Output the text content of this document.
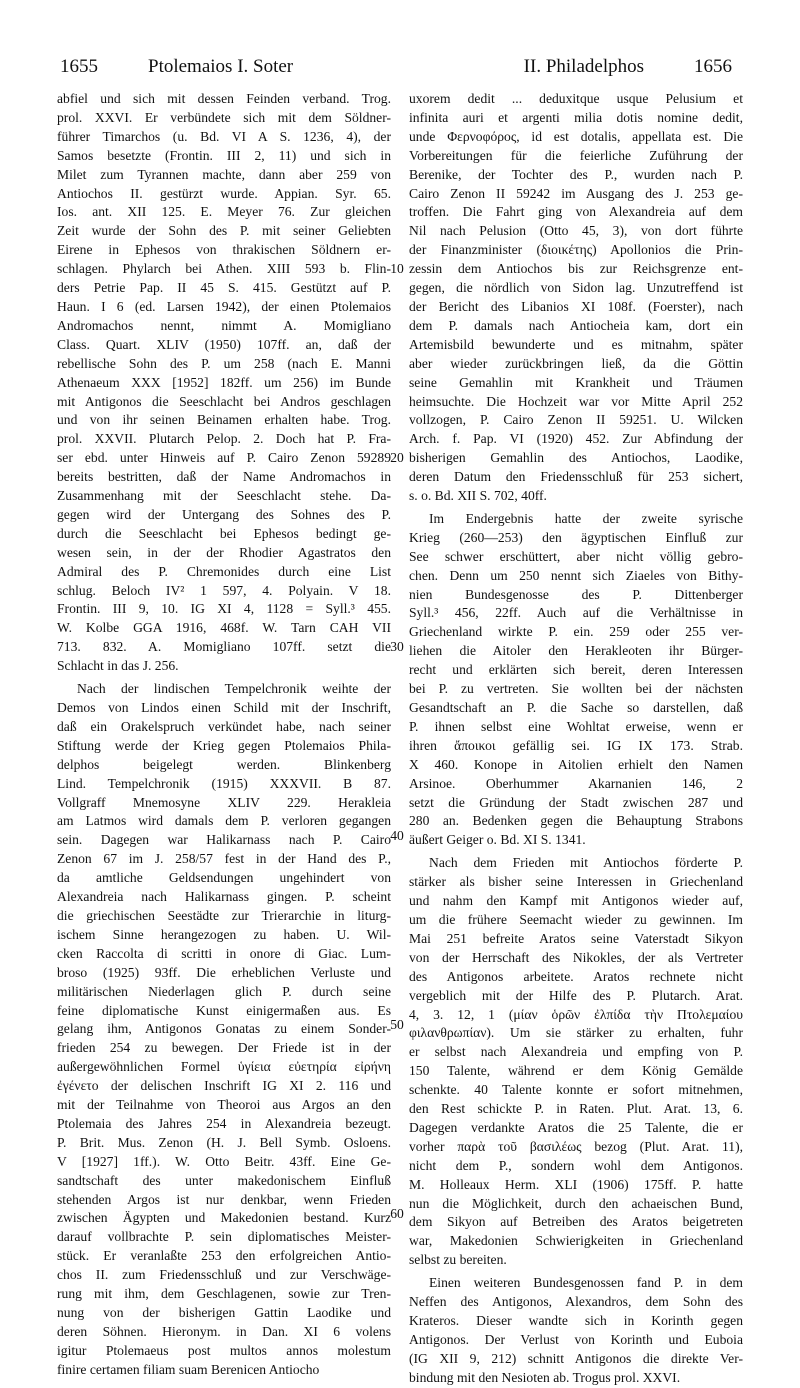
1655	Ptolemaios I. Soter	II. Philadelphos	1656
abfiel und sich mit dessen Feinden verband. Trog.
prol. XXVI. Er verbündete sich mit dem Söldner-
führer Timarchos (u. Bd. VI A S. 1236, 4), der
Samos besetzte (Frontin. III 2, 11) und sich in
Milet zum Tyrannen machte, dann aber 259 von
Antiochos II. gestürzt wurde. Appian. Syr. 65.
Ios. ant. XII 125. E. Meyer 76. Zur gleichen
Zeit wurde der Sohn des P. mit seiner Geliebten
Eirene in Ephesos von thrakischen Söldnern er-
schlagen. Phylarch bei Athen. XIII 593 b. Flin-
ders Petrie Pap. II 45 S. 415. Gestützt auf P.
Haun. I 6 (ed. Larsen 1942), der einen Ptolemaios
Andromachos nennt, nimmt A. Momigliano
Class. Quart. XLIV (1950) 107ff. an, daß der
rebellische Sohn des P. um 258 (nach E. Manni
Athenaeum XXX [1952] 182ff. um 256) im Bunde
mit Antigonos die Seeschlacht bei Andros geschlagen
und von ihr seinen Beinamen erhalten habe. Trog.
prol. XXVII. Plutarch Pelop. 2. Doch hat P. Fra-
ser ebd. unter Hinweis auf P. Cairo Zenon 59289
bereits bestritten, daß der Name Andromachos in
Zusammenhang mit der Seeschlacht stehe. Da-
gegen wird der Untergang des Sohnes des P.
durch die Seeschlacht bei Ephesos bedingt ge-
wesen sein, in der der Rhodier Agastratos den
Admiral des P. Chremonides durch eine List
schlug. Beloch IV² 1 597, 4. Polyain. V 18.
Frontin. III 9, 10. IG XI 4, 1128 = Syll.³ 455.
W. Kolbe GGA 1916, 468f. W. Tarn CAH VII
713. 832. A. Momigliano 107ff. setzt die
Schlacht in das J. 256.
Nach der lindischen Tempelchronik weihte der
Demos von Lindos einen Schild mit der Inschrift,
daß ein Orakelspruch verkündet habe, nach seiner
Stiftung werde der Krieg gegen Ptolemaios Phila-
delphos beigelegt werden. Blinkenberg
Lind. Tempelchronik (1915) XXXVII. B 87.
Vollgraff Mnemosyne XLIV 229. Herakleia
am Latmos wird damals dem P. verloren gegangen
sein. Dagegen war Halikarnass nach P. Cairo
Zenon 67 im J. 258/57 fest in der Hand des P.,
da amtliche Geldsendungen ungehindert von
Alexandreia nach Halikarnass gingen. P. scheint
die griechischen Seestädte zur Trierarchie in liturg-
ischem Sinne herangezogen zu haben. U. Wil-
cken Raccolta di scritti in onore di Giac. Lum-
broso (1925) 93ff. Die erheblichen Verluste und
militärischen Niederlagen glich P. durch seine
feine diplomatische Kunst einigermaßen aus. Es
gelang ihm, Antigonos Gonatas zu einem Sonder-
frieden 254 zu bewegen. Der Friede ist in der
außergewöhnlichen Formel ὑγίεια εὐετηρία εἰρήνη
ἐγένετο der delischen Inschrift IG XI 2. 116 und
mit der Teilnahme von Theoroi aus Argos an den
Ptolemaia des Jahres 254 in Alexandreia bezeugt.
P. Brit. Mus. Zenon (H. J. Bell Symb. Osloens.
V [1927] 1ff.). W. Otto Beitr. 43ff. Eine Ge-
sandtschaft des unter makedonischem Einfluß
stehenden Argos ist nur denkbar, wenn Frieden
zwischen Ägypten und Makedonien bestand. Kurz
darauf vollbrachte P. sein diplomatisches Meister-
stück. Er veranlaßte 253 den erfolgreichen Antio-
chos II. zum Friedensschluß und zur Verschwäge-
rung mit ihm, dem Geschlagenen, sowie zur Tren-
nung von der bisherigen Gattin Laodike und
deren Söhnen. Hieronym. in Dan. XI 6 volens
igitur Ptolemaeus post multos annos molestum
finire certamen filiam suam Berenicen Antiocho
uxorem dedit ... deduxitque usque Pelusium et
infinita auri et argenti milia dotis nomine dedit,
unde Φερνοφόρος, id est dotalis, appellata est. Die
Vorbereitungen für die feierliche Zuführung der
Berenike, der Tochter des P., wurden nach P.
Cairo Zenon II 59242 im Ausgang des J. 253 ge-
troffen. Die Fahrt ging von Alexandreia auf dem
Nil nach Pelusion (Otto 45, 3), von dort führte
der Finanzminister (διοικέτης) Apollonios die Prin-
zessin dem Antiochos bis zur Reichsgrenze ent-
gegen, die nördlich von Sidon lag. Unzutreffend ist
der Bericht des Libanios XI 108f. (Foerster), nach
dem P. damals nach Antiocheia kam, dort ein
Artemisbild bewunderte und es mitnahm, später
aber wieder zurückbringen ließ, da die Göttin
seine Gemahlin mit Krankheit und Träumen
heimsuchte. Die Hochzeit war vor Mitte April 252
vollzogen, P. Cairo Zenon II 59251. U. Wilcken
Arch. f. Pap. VI (1920) 452. Zur Abfindung der
bisherigen Gemahlin des Antiochos, Laodike,
deren Datum den Friedensschluß für 253 sichert,
s. o. Bd. XII S. 702, 40ff.
Im Endergebnis hatte der zweite syrische
Krieg (260—253) den ägyptischen Einfluß zur
See schwer erschüttert, aber nicht völlig gebro-
chen. Denn um 250 nennt sich Ziaeles von Bithy-
nien Bundesgenosse des P. Dittenberger
Syll.³ 456, 22ff. Auch auf die Verhältnisse in
Griechenland wirkte P. ein. 259 oder 255 ver-
liehen die Aitoler den Herakleoten ihr Bürger-
recht und erklärten sich bereit, deren Interessen
bei P. zu vertreten. Sie wollten bei der nächsten
Gesandtschaft an P. die Sache so darstellen, daß
P. ihnen selbst eine Wohltat erweise, wenn er
ihren ἄποικοι gefällig sei. IG IX 173. Strab.
X 460. Konope in Aitolien erhielt den Namen
Arsinoe. Oberhummer Akarnanien 146, 2
setzt die Gründung der Stadt zwischen 287 und
280 an. Bedenken gegen die Behauptung Strabons
äußert Geiger o. Bd. XI S. 1341.
Nach dem Frieden mit Antiochos förderte P.
stärker als bisher seine Interessen in Griechenland
und nahm den Kampf mit Antigonos wieder auf,
um die frühere Seemacht wieder zu gewinnen. Im
Mai 251 befreite Aratos seine Vaterstadt Sikyon
von der Herrschaft des Nikokles, der als Vertreter
des Antigonos arbeitete. Aratos rechnete nicht
vergeblich mit der Hilfe des P. Plutarch. Arat.
4, 3. 12, 1 (μίαν ὁρῶν ἐλπίδα τὴν Πτολεμαίου
φιλανθρωπίαν). Um sie stärker zu erhalten, fuhr
er selbst nach Alexandreia und empfing von P.
150 Talente, während er dem König Gemälde
schenkte. 40 Talente konnte er sofort mitnehmen,
den Rest schickte P. in Raten. Plut. Arat. 13, 6.
Dagegen verdankte Aratos die 25 Talente, die er
vorher παρὰ τοῦ βασιλέως bezog (Plut. Arat. 11),
nicht dem P., sondern wohl dem Antigonos.
M. Holleaux Herm. XLI (1906) 175ff. P. hatte
nun die Möglichkeit, durch den achaeischen Bund,
dem Sikyon auf Betreiben des Aratos beigetreten
war, Makedonien Schwierigkeiten in Griechenland
selbst zu bereiten.
Einen weiteren Bundesgenossen fand P. in dem
Neffen des Antigonos, Alexandros, dem Sohn des
Krateros. Dieser wandte sich in Korinth gegen
Antigonos. Der Verlust von Korinth und Euboia
(IG XII 9, 212) schnitt Antigonos die direkte Ver-
bindung mit den Nesioten ab. Trogus prol. XXVI.
10
20
30
40
50
60
